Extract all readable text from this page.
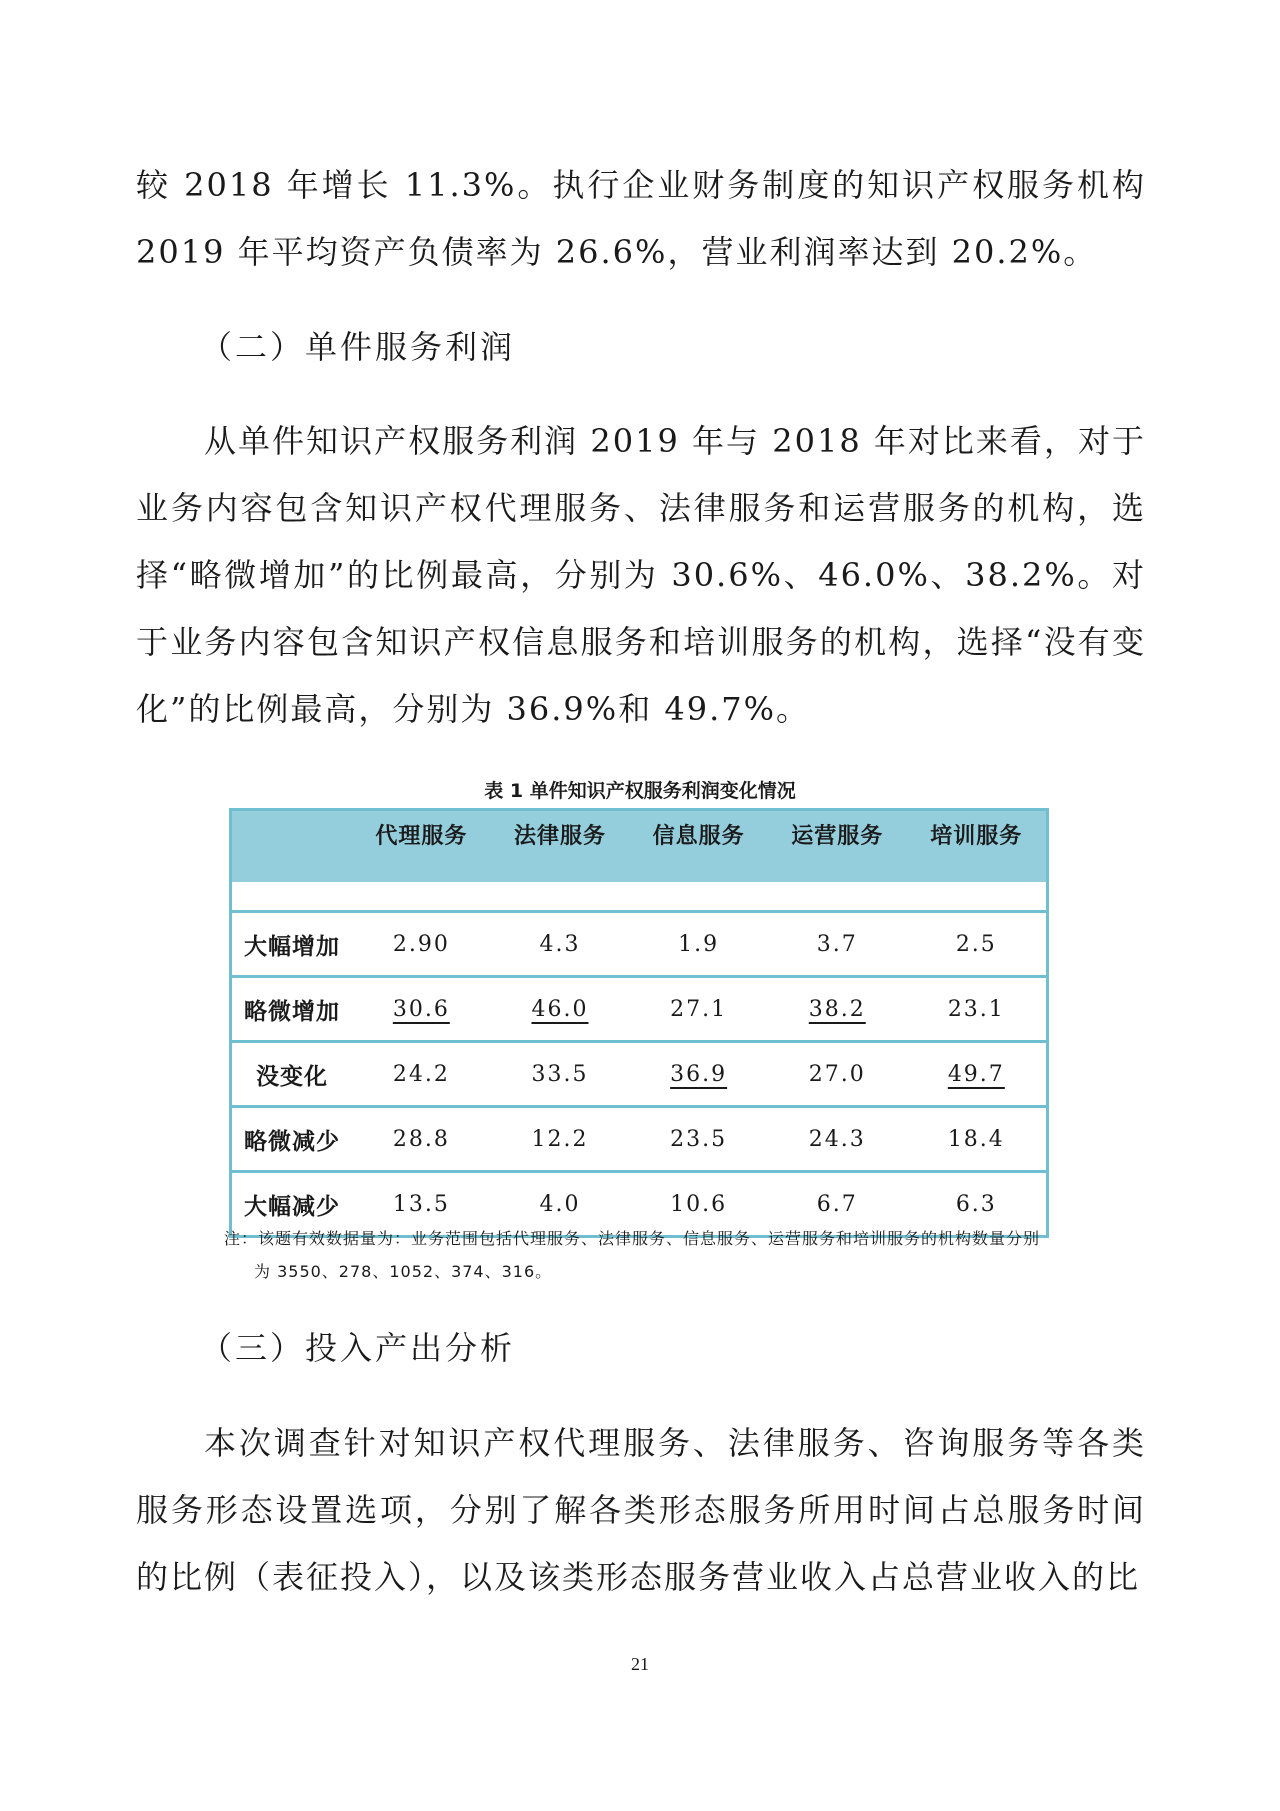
较 2018 年增长 11.3%。执行企业财务制度的知识产权服务机构 2019 年平均资产负债率为 26.6%，营业利润率达到 20.2%。

（二）单件服务利润

从单件知识产权服务利润 2019 年与 2018 年对比来看，对于业务内容包含知识产权代理服务、法律服务和运营服务的机构，选择“略微增加”的比例最高，分别为 30.6%、46.0%、38.2%。对于业务内容包含知识产权信息服务和培训服务的机构，选择“没有变化”的比例最高，分别为 36.9%和 49.7%。

表 1 单件知识产权服务利润变化情况
	代理服务	法律服务	信息服务	运营服务	培训服务

大幅增加	2.90	4.3	1.9	3.7	2.5
略微增加	30.6	46.0	27.1	38.2	23.1
没变化	24.2	33.5	36.9	27.0	49.7
略微减少	28.8	12.2	23.5	24.3	18.4
大幅减少	13.5	4.0	10.6	6.7	6.3

注：该题有效数据量为：业务范围包括代理服务、法律服务、信息服务、运营服务和培训服务的机构数量分别
为 3550、278、1052、374、316。

（三）投入产出分析

本次调查针对知识产权代理服务、法律服务、咨询服务等各类服务形态设置选项，分别了解各类形态服务所用时间占总服务时间的比例（表征投入），以及该类形态服务营业收入占总营业收入的比

21
